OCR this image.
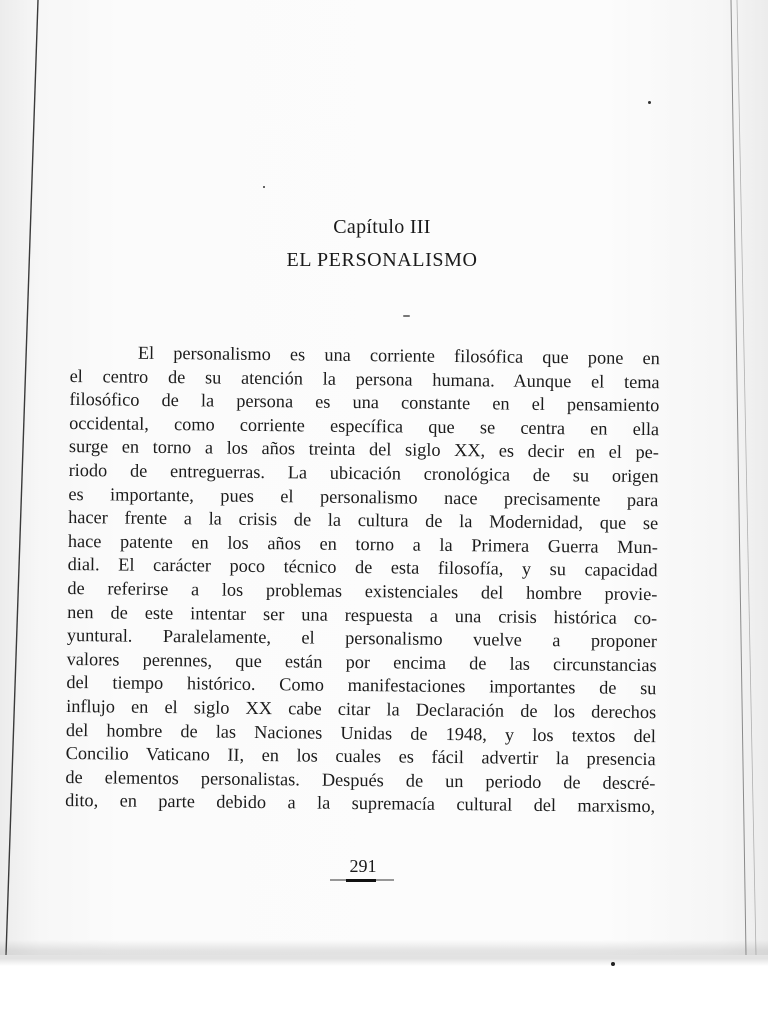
Capítulo III
EL PERSONALISMO
El personalismo es una corriente filosófica que pone en
el centro de su atención la persona humana. Aunque el tema
filosófico de la persona es una constante en el pensamiento
occidental, como corriente específica que se centra en ella
surge en torno a los años treinta del siglo XX, es decir en el pe-
riodo de entreguerras. La ubicación cronológica de su origen
es importante, pues el personalismo nace precisamente para
hacer frente a la crisis de la cultura de la Modernidad, que se
hace patente en los años en torno a la Primera Guerra Mun-
dial. El carácter poco técnico de esta filosofía, y su capacidad
de referirse a los problemas existenciales del hombre provie-
nen de este intentar ser una respuesta a una crisis histórica co-
yuntural. Paralelamente, el personalismo vuelve a proponer
valores perennes, que están por encima de las circunstancias
del tiempo histórico. Como manifestaciones importantes de su
influjo en el siglo XX cabe citar la Declaración de los derechos
del hombre de las Naciones Unidas de 1948, y los textos del
Concilio Vaticano II, en los cuales es fácil advertir la presencia
de elementos personalistas. Después de un periodo de descré-
dito, en parte debido a la supremacía cultural del marxismo,
291
